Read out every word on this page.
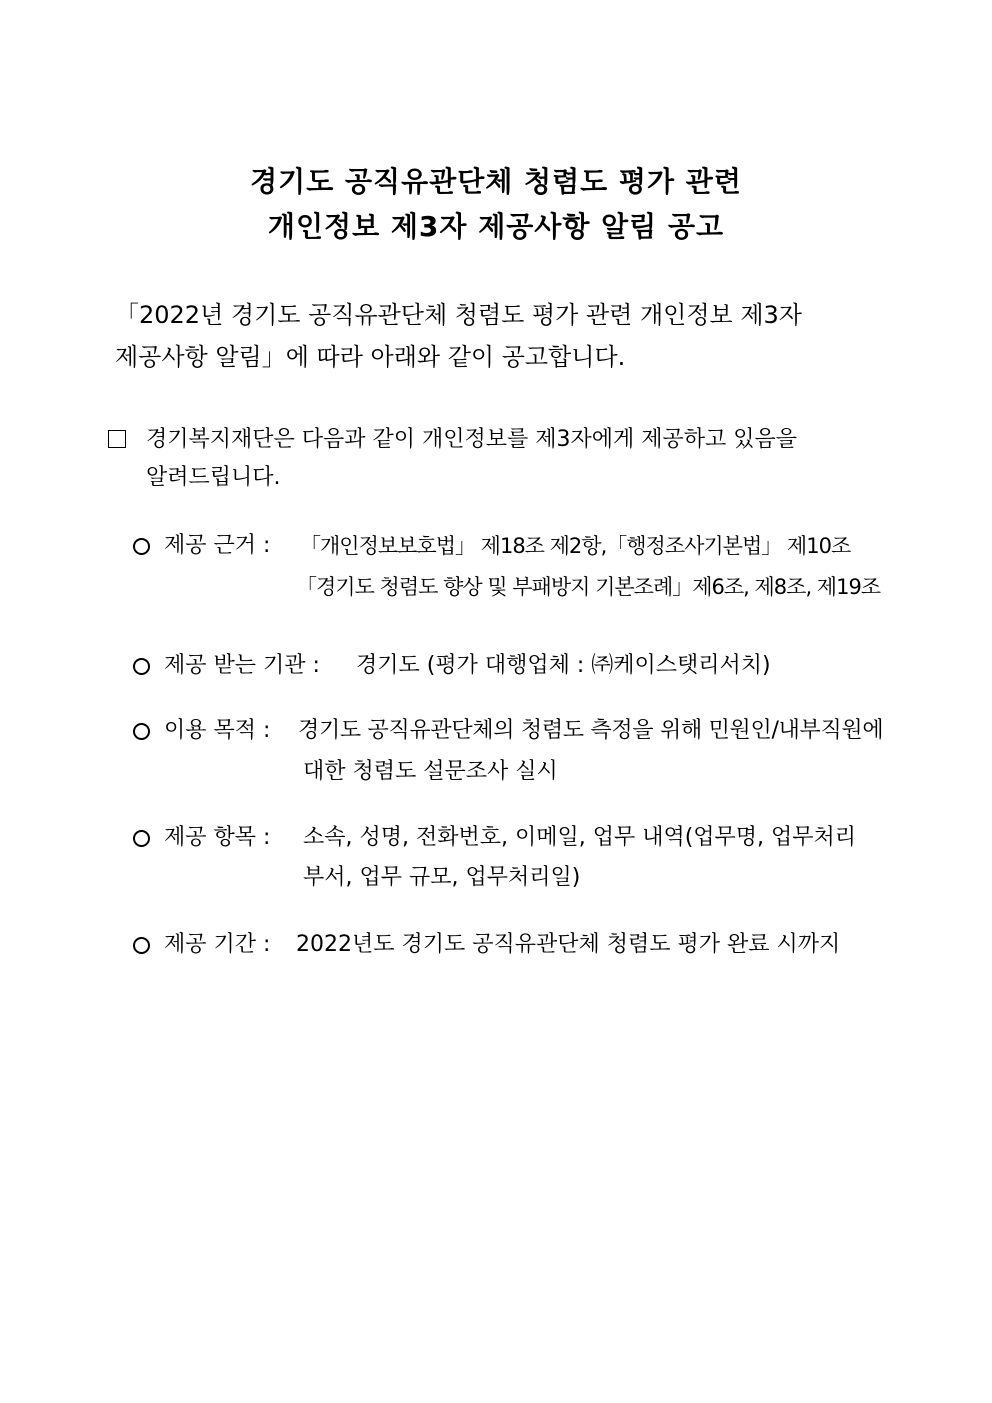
경기도 공직유관단체 청렴도 평가 관련
개인정보 제3자 제공사항 알림 공고
「2022년 경기도 공직유관단체 청렴도 평가 관련 개인정보 제3자
제공사항 알림」에 따라 아래와 같이 공고합니다.
경기복지재단은 다음과 같이 개인정보를 제3자에게 제공하고 있음을
알려드립니다.
제공 근거 : 「개인정보보호법」 제18조 제2항,「행정조사기본법」 제10조
「경기도 청렴도 향상 및 부패방지 기본조례」제6조, 제8조, 제19조
제공 받는 기관 : 경기도 (평가 대행업체 : ㈜케이스탯리서치)
이용 목적 : 경기도 공직유관단체의 청렴도 측정을 위해 민원인/내부직원에
대한 청렴도 설문조사 실시
제공 항목 : 소속, 성명, 전화번호, 이메일, 업무 내역(업무명, 업무처리
부서, 업무 규모, 업무처리일)
제공 기간 : 2022년도 경기도 공직유관단체 청렴도 평가 완료 시까지
